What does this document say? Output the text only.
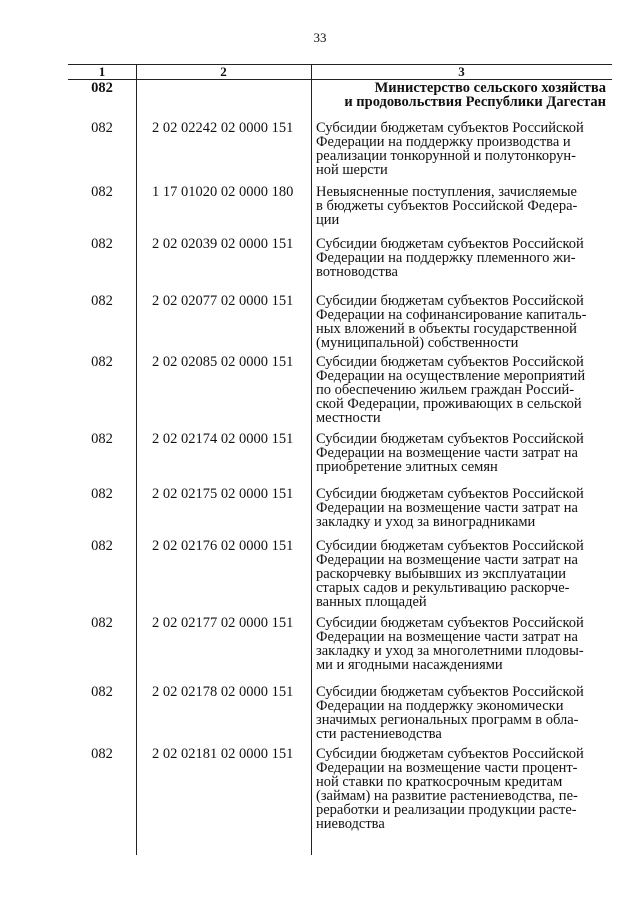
33
1	2	3
082	Министерство сельского хозяйства
и продовольствия Республики Дагестан
082	2 02 02242 02 0000 151 Субсидии бюджетам субъектов Российской
Федерации на поддержку производства и
реализации тонкорунной и полутонкорун-
ной шерсти
082	1 17 01020 02 0000 180 Невыясненные поступления, зачисляемые
в бюджеты субъектов Российской Федера-
ции
082	2 02 02039 02 0000 151 Субсидии бюджетам субъектов Российской
Федерации на поддержку племенного жи-
вотноводства
082	2 02 02077 02 0000 151 Субсидии бюджетам субъектов Российской
Федерации на софинансирование капиталь-
ных вложений в объекты государственной
(муниципальной) собственности
082	2 02 02085 02 0000 151 Субсидии бюджетам субъектов Российской
Федерации на осуществление мероприятий
по обеспечению жильем граждан Россий-
ской Федерации, проживающих в сельской
местности
082	2 02 02174 02 0000 151 Субсидии бюджетам субъектов Российской
Федерации на возмещение части затрат на
приобретение элитных семян
082	2 02 02175 02 0000 151 Субсидии бюджетам субъектов Российской
Федерации на возмещение части затрат на
закладку и уход за виноградниками
082	2 02 02176 02 0000 151 Субсидии бюджетам субъектов Российской
Федерации на возмещение части затрат на
раскорчевку выбывших из эксплуатации
старых садов и рекультивацию раскорче-
ванных площадей
082	2 02 02177 02 0000 151 Субсидии бюджетам субъектов Российской
Федерации на возмещение части затрат на
закладку и уход за многолетними плодовы-
ми и ягодными насаждениями
082	2 02 02178 02 0000 151 Субсидии бюджетам субъектов Российской
Федерации на поддержку экономически
значимых региональных программ в обла-
сти растениеводства
082	2 02 02181 02 0000 151 Субсидии бюджетам субъектов Российской
Федерации на возмещение части процент-
ной ставки по краткосрочным кредитам
(займам) на развитие растениеводства, пе-
реработки и реализации продукции расте-
ниеводства
